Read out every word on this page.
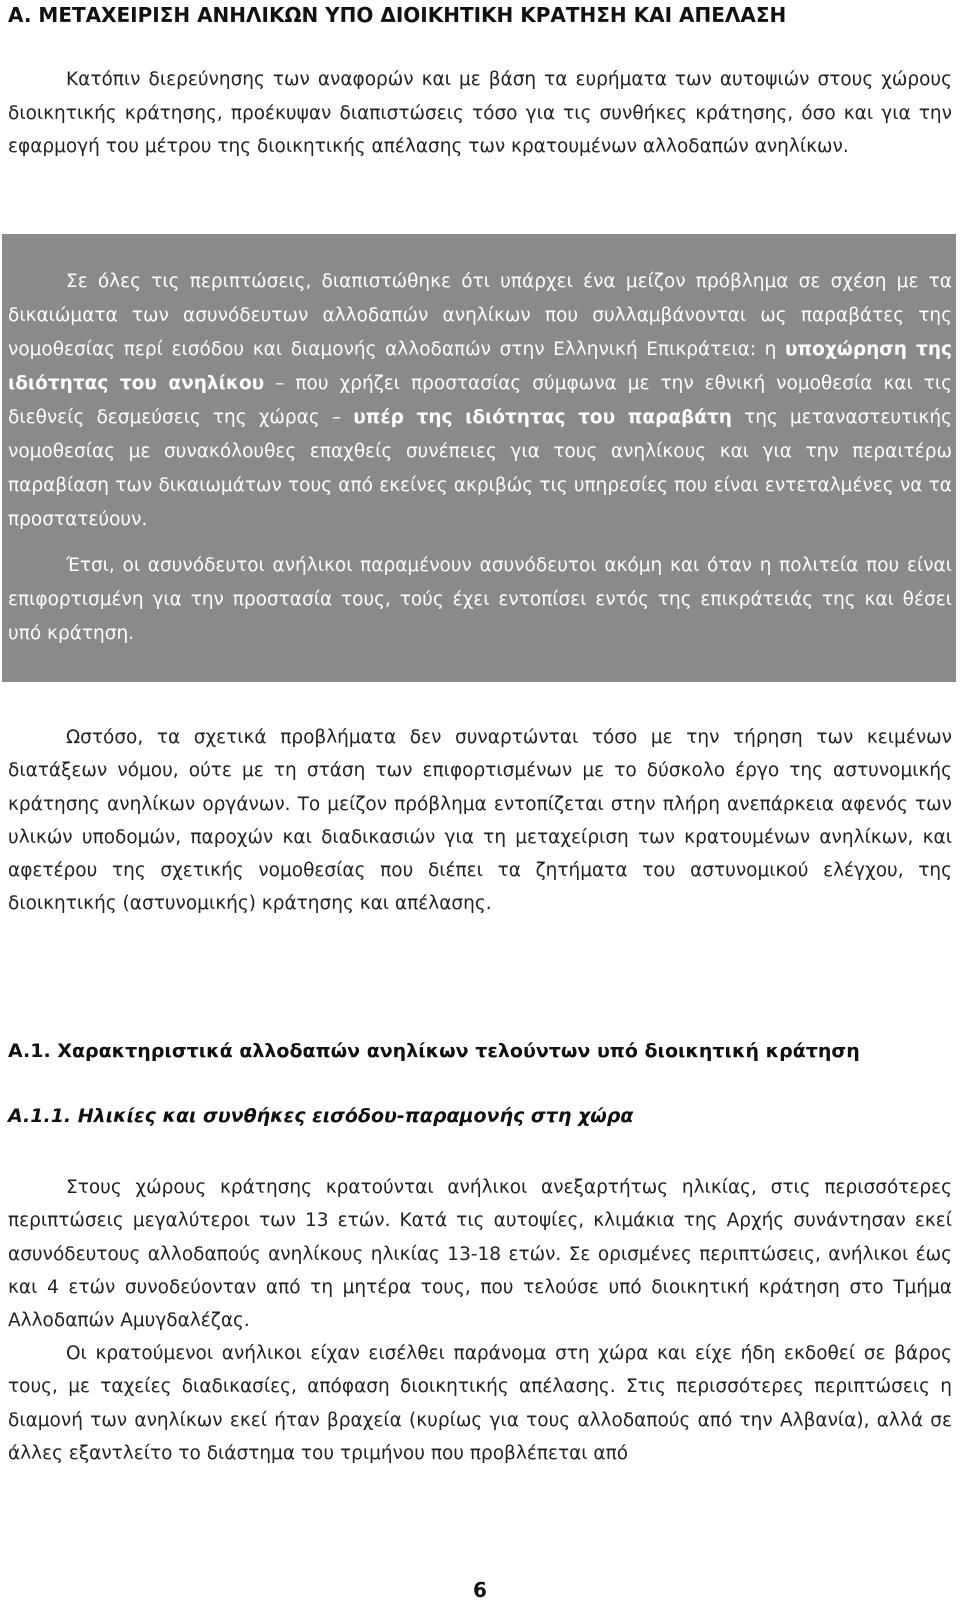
A. ΜΕΤΑΧΕΙΡΙΣΗ ΑΝΗΛΙΚΩΝ ΥΠΟ ΔΙΟΙΚΗΤΙΚΗ ΚΡΑΤΗΣΗ ΚΑΙ ΑΠΕΛΑΣΗ

Κατόπιν διερεύνησης των αναφορών και με βάση τα ευρήματα των αυτοψιών στους χώρους διοικητικής κράτησης, προέκυψαν διαπιστώσεις τόσο για τις συνθήκες κράτησης, όσο και για την εφαρμογή του μέτρου της διοικητικής απέλασης των κρατουμένων αλλοδαπών ανηλίκων.

Σε όλες τις περιπτώσεις, διαπιστώθηκε ότι υπάρχει ένα μείζον πρόβλημα σε σχέση με τα δικαιώματα των ασυνόδευτων αλλοδαπών ανηλίκων που συλλαμβάνονται ως παραβάτες της νομοθεσίας περί εισόδου και διαμονής αλλοδαπών στην Ελληνική Επικράτεια: η υποχώρηση της ιδιότητας του ανηλίκου – που χρήζει προστασίας σύμφωνα με την εθνική νομοθεσία και τις διεθνείς δεσμεύσεις της χώρας – υπέρ της ιδιότητας του παραβάτη της μεταναστευτικής νομοθεσίας με συνακόλουθες επαχθείς συνέπειες για τους ανηλίκους και για την περαιτέρω παραβίαση των δικαιωμάτων τους από εκείνες ακριβώς τις υπηρεσίες που είναι εντεταλμένες να τα προστατεύουν.

Έτσι, οι ασυνόδευτοι ανήλικοι παραμένουν ασυνόδευτοι ακόμη και όταν η πολιτεία που είναι επιφορτισμένη για την προστασία τους, τούς έχει εντοπίσει εντός της επικράτειάς της και θέσει υπό κράτηση.

Ωστόσο, τα σχετικά προβλήματα δεν συναρτώνται τόσο με την τήρηση των κειμένων διατάξεων νόμου, ούτε με τη στάση των επιφορτισμένων με το δύσκολο έργο της αστυνομικής κράτησης ανηλίκων οργάνων. Το μείζον πρόβλημα εντοπίζεται στην πλήρη ανεπάρκεια αφενός των υλικών υποδομών, παροχών και διαδικασιών για τη μεταχείριση των κρατουμένων ανηλίκων, και αφετέρου της σχετικής νομοθεσίας που διέπει τα ζητήματα του αστυνομικού ελέγχου, της διοικητικής (αστυνομικής) κράτησης και απέλασης.

A.1. Χαρακτηριστικά αλλοδαπών ανηλίκων τελούντων υπό διοικητική κράτηση
A.1.1. Ηλικίες και συνθήκες εισόδου-παραμονής στη χώρα

Στους χώρους κράτησης κρατούνται ανήλικοι ανεξαρτήτως ηλικίας, στις περισσότερες περιπτώσεις μεγαλύτεροι των 13 ετών. Κατά τις αυτοψίες, κλιμάκια της Αρχής συνάντησαν εκεί ασυνόδευτους αλλοδαπούς ανηλίκους ηλικίας 13-18 ετών. Σε ορισμένες περιπτώσεις, ανήλικοι έως και 4 ετών συνοδεύονταν από τη μητέρα τους, που τελούσε υπό διοικητική κράτηση στο Τμήμα Αλλοδαπών Αμυγδαλέζας.

Οι κρατούμενοι ανήλικοι είχαν εισέλθει παράνομα στη χώρα και είχε ήδη εκδοθεί σε βάρος τους, με ταχείες διαδικασίες, απόφαση διοικητικής απέλασης. Στις περισσότερες περιπτώσεις η διαμονή των ανηλίκων εκεί ήταν βραχεία (κυρίως για τους αλλοδαπούς από την Αλβανία), αλλά σε άλλες εξαντλείτο το διάστημα του τριμήνου που προβλέπεται από

6
